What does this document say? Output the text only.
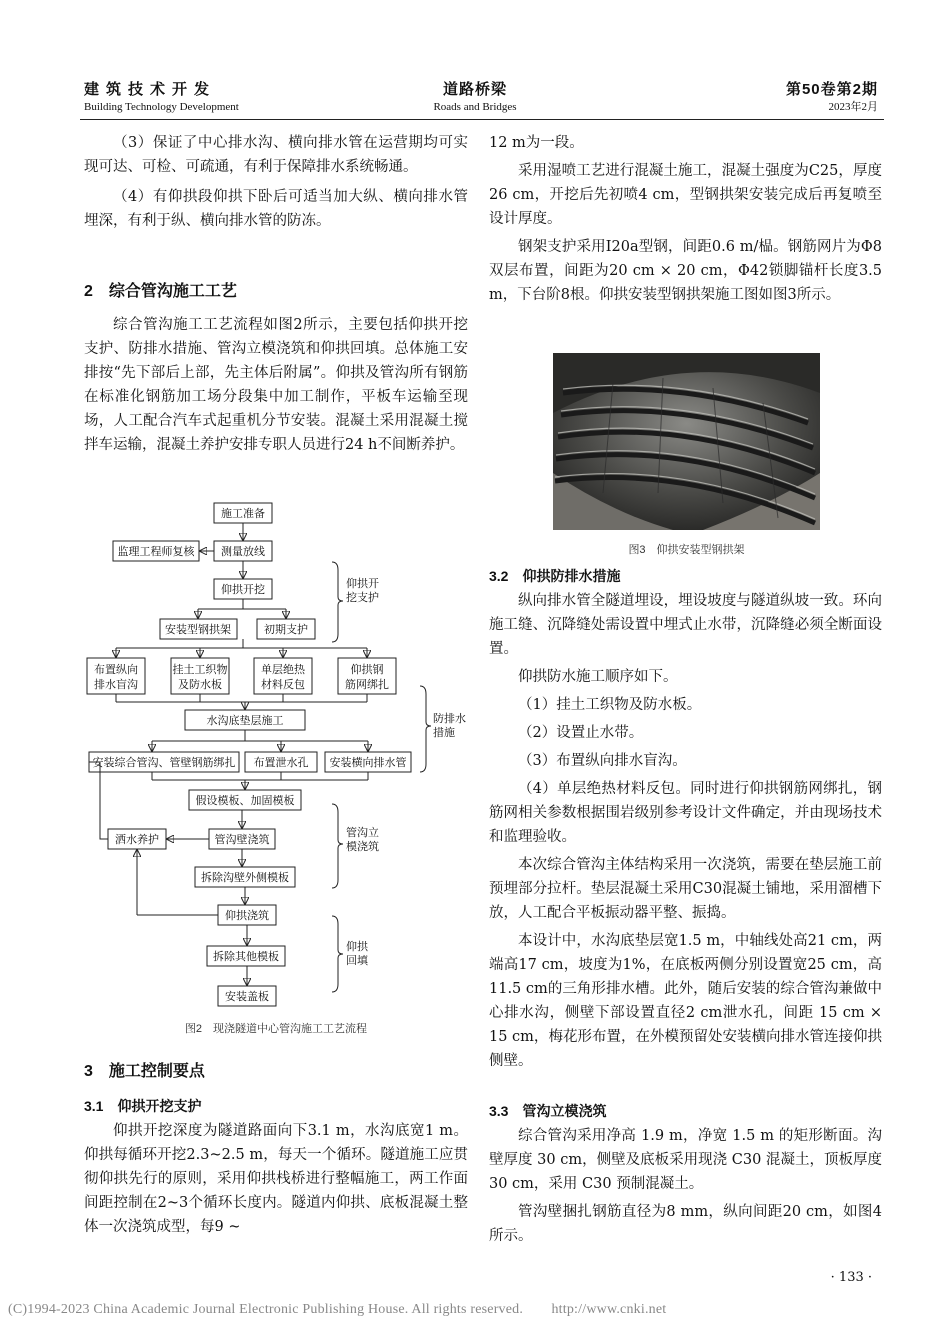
建筑技术开发
Building Technology Development
道路桥梁
Roads and Bridges
第50卷第2期
2023年2月

（3）保证了中心排水沟、横向排水管在运营期均可实现可达、可检、可疏通，有利于保障排水系统畅通。

（4）有仰拱段仰拱下卧后可适当加大纵、横向排水管埋深，有利于纵、横向排水管的防冻。

2　综合管沟施工工艺

综合管沟施工工艺流程如图2所示，主要包括仰拱开挖支护、防排水措施、管沟立模浇筑和仰拱回填。总体施工安排按“先下部后上部，先主体后附属”。仰拱及管沟所有钢筋在标准化钢筋加工场分段集中加工制作，平板车运输至现场，人工配合汽车式起重机分节安装。混凝土采用混凝土搅拌车运输，混凝土养护安排专职人员进行24 h不间断养护。

施工准备
测量放线
监理工程师复核
仰拱开挖
安装型钢拱架	初期支护
布置纵向
排水盲沟
挂土工织物
及防水板
单层绝热
材料反包
仰拱钢
筋网绑扎
水沟底垫层施工
安装综合管沟、管壁钢筋绑扎 布置泄水孔 安装横向排水管
假设模板、加固模板
管沟壁浇筑
洒水养护
拆除沟壁外侧模板
仰拱浇筑
拆除其他模板
安装盖板
仰拱开
挖支护
防排水
措施
管沟立
模浇筑
仰拱
回填
图2　现浇隧道中心管沟施工工艺流程
3　施工控制要点
3.1　仰拱开挖支护

仰拱开挖深度为隧道路面向下3.1 m，水沟底宽1 m。仰拱每循环开挖2.3~2.5 m，每天一个循环。隧道施工应贯彻仰拱先行的原则，采用仰拱栈桥进行整幅施工，两工作面间距控制在2~3个循环长度内。隧道内仰拱、底板混凝土整体一次浇筑成型，每9 ~

12 m为一段。

采用湿喷工艺进行混凝土施工，混凝土强度为C25，厚度26 cm，开挖后先初喷4 cm，型钢拱架安装完成后再复喷至设计厚度。

钢架支护采用I20a型钢，间距0.6 m/榀。钢筋网片为Φ8双层布置，间距为20 cm × 20 cm，Φ42锁脚锚杆长度3.5 m，下台阶8根。仰拱安装型钢拱架施工图如图3所示。

图3　仰拱安装型钢拱架
3.2　仰拱防排水措施

纵向排水管全隧道埋设，埋设坡度与隧道纵坡一致。环向施工缝、沉降缝处需设置中埋式止水带，沉降缝必须全断面设置。

仰拱防水施工顺序如下。

（1）挂土工织物及防水板。

（2）设置止水带。

（3）布置纵向排水盲沟。

（4）单层绝热材料反包。同时进行仰拱钢筋网绑扎，钢筋网相关参数根据围岩级别参考设计文件确定，并由现场技术和监理验收。

本次综合管沟主体结构采用一次浇筑，需要在垫层施工前预埋部分拉杆。垫层混凝土采用C30混凝土铺地，采用溜槽下放，人工配合平板振动器平整、振捣。

本设计中，水沟底垫层宽1.5 m，中轴线处高21 cm，两端高17 cm，坡度为1%，在底板两侧分别设置宽25 cm，高11.5 cm的三角形排水槽。此外，随后安装的综合管沟兼做中心排水沟，侧壁下部设置直径2 cm泄水孔，间距 15 cm × 15 cm，梅花形布置，在外模预留处安装横向排水管连接仰拱侧壁。

3.3　管沟立模浇筑

综合管沟采用净高 1.9 m，净宽 1.5 m 的矩形断面。沟壁厚度 30 cm，侧壁及底板采用现浇 C30 混凝土，顶板厚度 30 cm，采用 C30 预制混凝土。

管沟壁捆扎钢筋直径为8 mm，纵向间距20 cm，如图4所示。

· 133 ·
(C)1994-2023 China Academic Journal Electronic Publishing House. All rights reserved.　　http://www.cnki.net
